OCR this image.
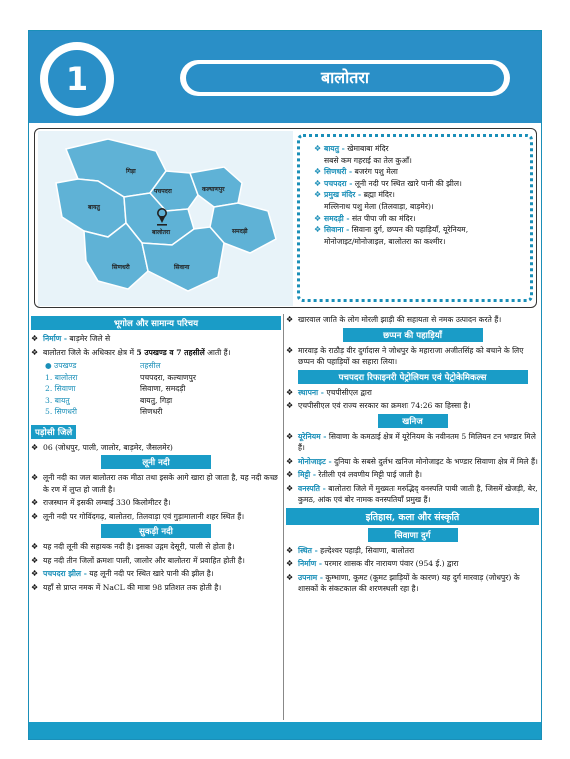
1	बालोतरा
गिड़ा
पचपदरा	कल्याणपुर
बायतु
बालोतरा	समदड़ी
सिणधरी	सिवाना
❖ बायतु - खेमाबाबा मंदिर
सबसे कम गहराई का तेल कुआँ।
❖ सिणधरी - बजरंग पशु मेला
❖ पचपदरा - लूनी नदी पर स्थित खारे पानी की झील।
❖ प्रमुख मंदिर - ब्रह्मा मंदिर।
मल्लिनाथ पशु मेला (तिलवाड़ा, बाड़मेर)।
❖ समदड़ी - संत पीपा जी का मंदिर।
❖ सिवाना - सिवाना दुर्ग, छप्पन की पहाड़ियाँ, यूरेनियम,
मोनोजाइट/मोनोजाइल, बालोतरा का कश्मीर।
भूगोल और सामान्य परिचय
❖ निर्माण - बाड़मेर जिले से
❖ बालोतरा जिले के अधिकार क्षेत्र में 5 उपखण्ड व 7 तहसीलें आती हैं।
● उपखण्ड	तहसील
1. बालोतरा	पचपदरा, कल्याणपुर
2. सिवाणा	सिवाणा, समदड़ी
3. बायतु	बायतु, गिड़ा
5. सिणधरी	सिणधरी
पड़ोसी जिले
❖ 06 (जोधपुर, पाली, जालोर, बाड़मेर, जैसलमेर)
लूनी नदी
❖ लूनी नदी का जल बालोतरा तक मीठा तथा इसके आगे खारा हो जाता है, यह नदी कच्छ के रण में लुप्त हो जाती है।
❖ राजस्थान में इसकी लम्बाई 330 किलोमीटर है।
❖ लूनी नदी पर गोविंदगढ़, बालोतरा, तिलवाड़ा एवं गुड़ामालानी शहर स्थित हैं।
सुकड़ी नदी
❖ यह नदी लूनी की सहायक नदी है। इसका उद्गम देसूरी, पाली से होता है।
❖ यह नदी तीन जिलों क्रमशः पाली, जालोर और बालोतरा में प्रवाहित होती है।
❖ पचपदरा झील - यह लूनी नदी पर स्थित खारे पानी की झील है।
❖ यहाँ से प्राप्त नमक में NaCL की मात्रा 98 प्रतिशत तक होती है।
❖ खारवाल जाति के लोग मोरली झाड़ी की सहायता से नमक उत्पादन करते हैं।
छप्पन की पहाड़ियाँ
❖ मारवाड़ के राठौड़ वीर दुर्गादास ने जोधपुर के महाराजा अजीतसिंह को बचाने के लिए छप्पन की पहाड़ियों का सहारा लिया।
पचपदरा रिफाइनरी पेट्रोलियम एवं पेट्रोकेमिकल्स
❖ स्थापना - एचपीसीएल द्वारा
❖ एचपीसीएल एवं राज्य सरकार का क्रमशः 74:26 का हिस्सा है।
खनिज
❖ यूरेनियम - सिवाणा के कमठाई क्षेत्र में यूरेनियम के नवीनतम 5 मिलियन टन भण्डार मिले हैं।
❖ मोनोजाइट - दुनिया के सबसे दुर्लभ खनिज मोनोजाइट के भण्डार सिवाणा क्षेत्र में मिले हैं।
❖ मिट्टी - रेतीली एवं लवणीय मिट्टी पाई जाती है।
❖ वनस्पति - बालोतरा जिले में मुख्यतः मरुद्भिद् वनस्पति पायी जाती है, जिसमें खेजड़ी, बेर, कुमठ, आंक एवं बोर नामक वनस्पतियाँ प्रमुख हैं।
इतिहास, कला और संस्कृति
सिवाणा दुर्ग
❖ स्थित - हल्देश्वर पहाड़ी, सिवाणा, बालोतरा
❖ निर्माण - परमार शासक वीर नारायण पंवार (954 ई.) द्वारा
❖ उपनाम - कूम्भाणा, कूमट (कूमट झाड़ियों के कारण) यह दुर्ग मारवाड़ (जोधपुर) के शासकों के संकटकाल की शरणस्थली रहा है।
